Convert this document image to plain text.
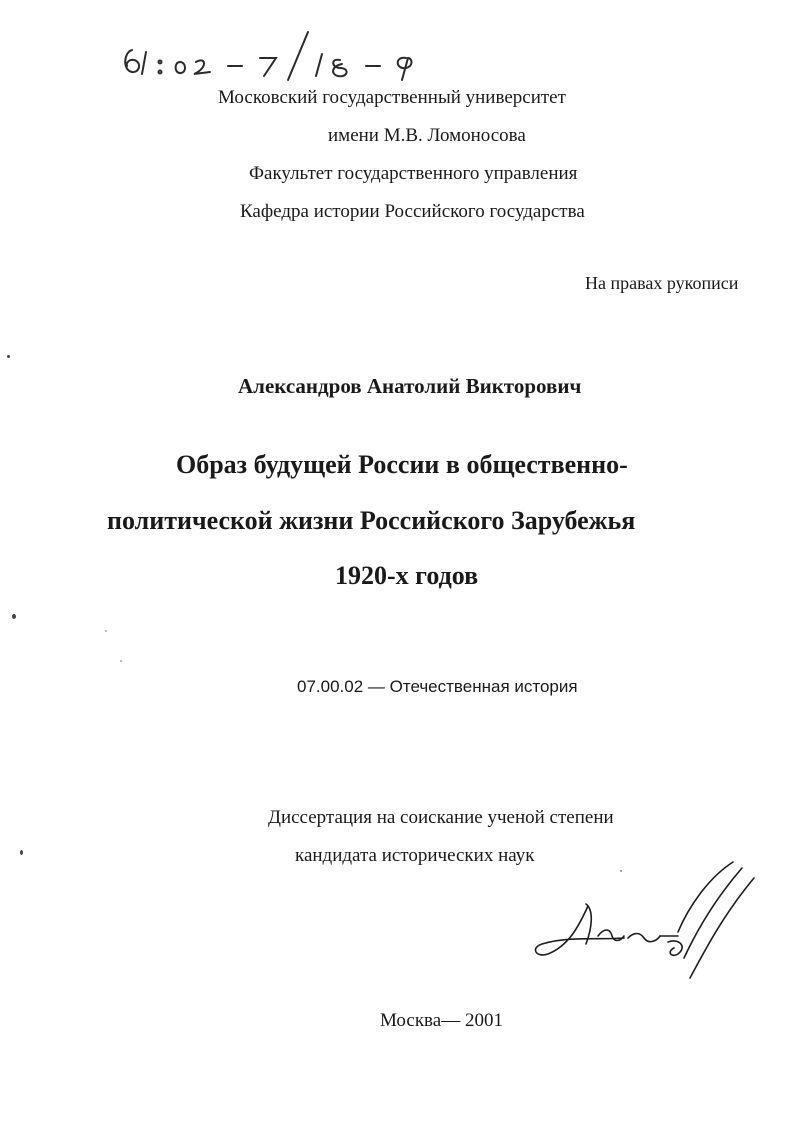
Московский государственный университет
имени М.В. Ломоносова
Факультет государственного управления
Кафедра истории Российского государства
На правах рукописи
Александров Анатолий Викторович
Образ будущей России в общественно-
политической жизни Российского Зарубежья
1920-х годов
07.00.02 — Отечественная история
Диссертация на соискание ученой степени
кандидата исторических наук
Москва— 2001
